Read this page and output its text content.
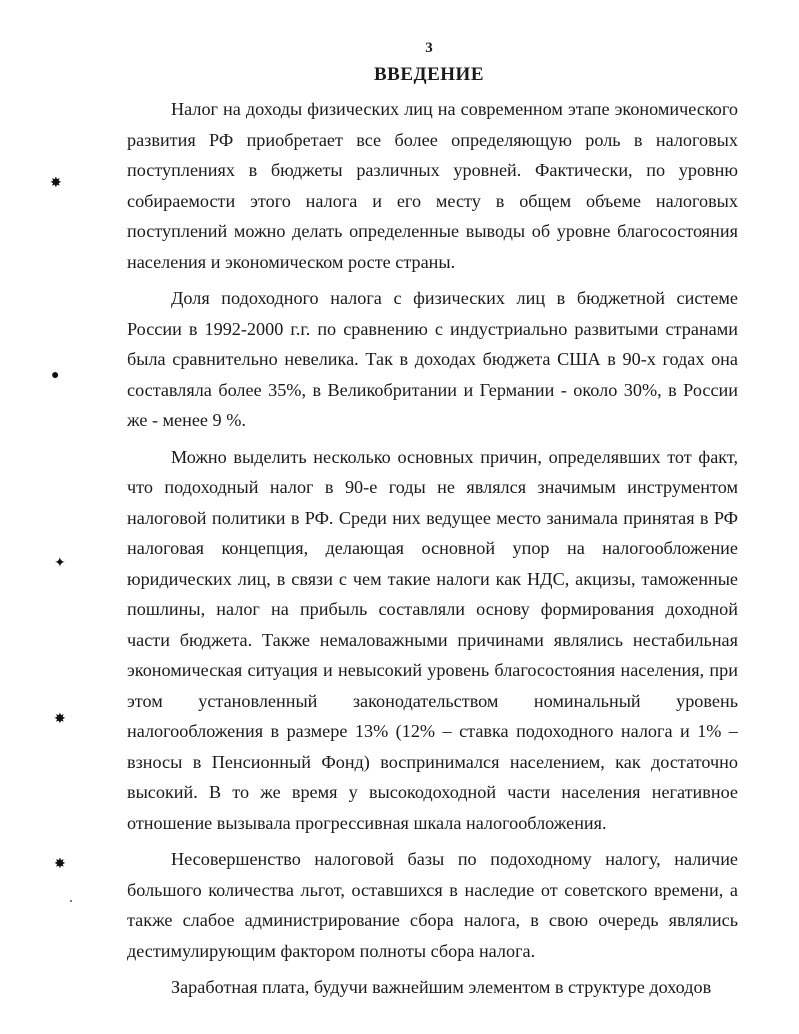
3
ВВЕДЕНИЕ

Налог на доходы физических лиц на современном этапе экономического развития РФ приобретает все более определяющую роль в налоговых поступлениях в бюджеты различных уровней. Фактически, по уровню собираемости этого налога и его месту в общем объеме налоговых поступлений можно делать определенные выводы об уровне благосостояния населения и экономическом росте страны.

Доля подоходного налога с физических лиц в бюджетной системе России в 1992-2000 г.г. по сравнению с индустриально развитыми странами была сравнительно невелика. Так в доходах бюджета США в 90-х годах она составляла более 35%, в Великобритании и Германии - около 30%, в России же - менее 9 %.

Можно выделить несколько основных причин, определявших тот факт, что подоходный налог в 90-е годы не являлся значимым инструментом налоговой политики в РФ. Среди них ведущее место занимала принятая в РФ налоговая концепция, делающая основной упор на налогообложение юридических лиц, в связи с чем такие налоги как НДС, акцизы, таможенные пошлины, налог на прибыль составляли основу формирования доходной части бюджета. Также немаловажными причинами являлись нестабильная экономическая ситуация и невысокий уровень благосостояния населения, при этом установленный законодательством номинальный уровень налогообложения в размере 13% (12% – ставка подоходного налога и 1% – взносы в Пенсионный Фонд) воспринимался населением, как достаточно высокий. В то же время у высокодоходной части населения негативное отношение вызывала прогрессивная шкала налогообложения.

Несовершенство налоговой базы по подоходному налогу, наличие большого количества льгот, оставшихся в наследие от советского времени, а также слабое администрирование сбора налога, в свою очередь являлись дестимулирующим фактором полноты сбора налога.

Заработная плата, будучи важнейшим элементом в структуре доходов

✸
●
✦
✸
✸
